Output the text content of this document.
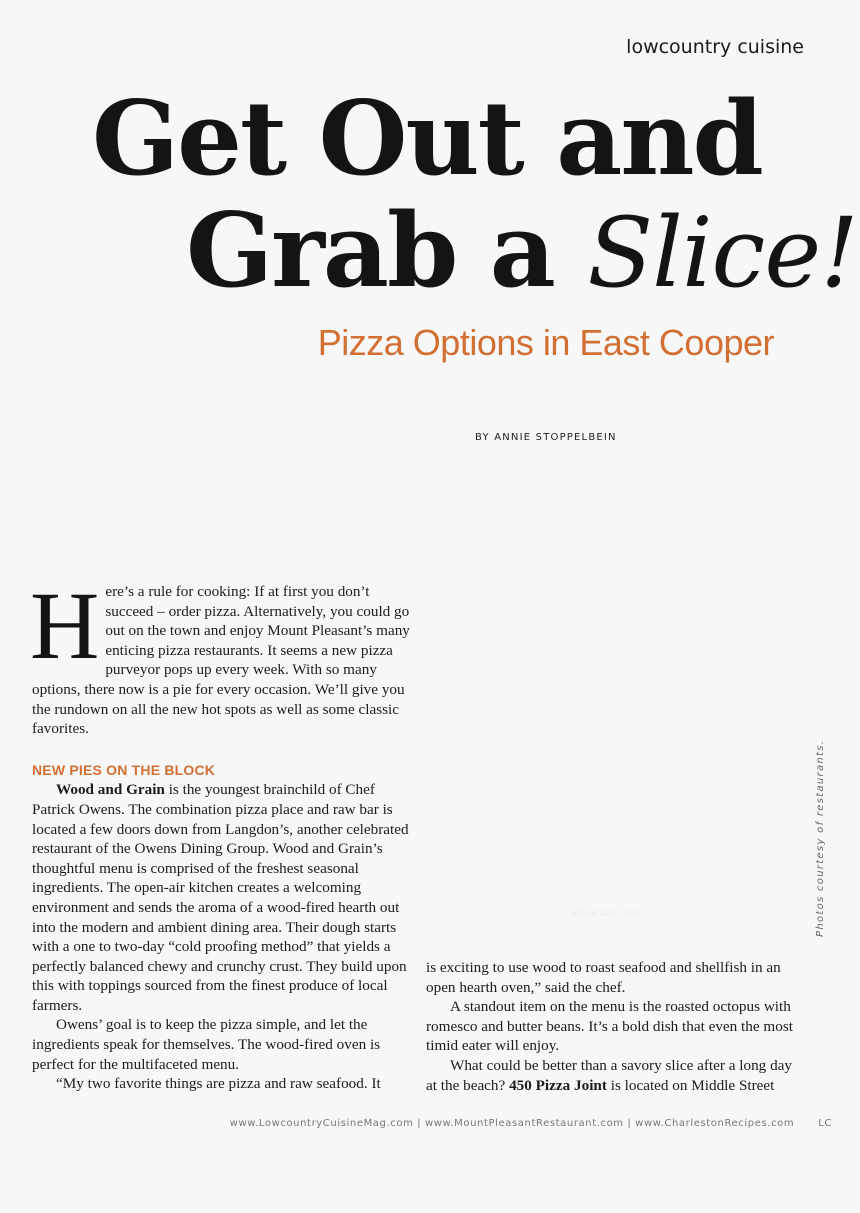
lowcountry cuisine
Get Out and
Grab a Slice!
Pizza Options in East Cooper
BY ANNIE STOPPELBEIN

Here’s a rule for cooking: If at first you don’t succeed – order pizza. Alternatively, you could go out on the town and enjoy Mount Pleasant’s many enticing pizza restaurants. It seems a new pizza purveyor pops up every week. With so many options, there now is a pie for every occasion. We’ll give you the rundown on all the new hot spots as well as some classic favorites.

NEW PIES ON THE BLOCK

Wood and Grain is the youngest brainchild of Chef Patrick Owens. The combination pizza place and raw bar is located a few doors down from Langdon’s, another celebrated restaurant of the Owens Dining Group. Wood and Grain’s thoughtful menu is comprised of the freshest seasonal ingredients. The open-air kitchen creates a welcoming environment and sends the aroma of a wood-fired hearth out into the modern and ambient dining area. Their dough starts with a one to two-day “cold proofing method” that yields a perfectly balanced chewy and crunchy crust. They build upon this with toppings sourced from the finest produce of local farmers.

Owens’ goal is to keep the pizza simple, and let the ingredients speak for themselves. The wood-fired oven is perfect for the multifaceted menu.

“My two favorite things are pizza and raw seafood. It

is exciting to use wood to roast seafood and shellfish in an open hearth oven,” said the chef.

A standout item on the menu is the roasted octopus with romesco and butter beans. It’s a bold dish that even the most timid eater will enjoy.

What could be better than a savory slice after a long day at the beach? 450 Pizza Joint is located on Middle Street

Wood and Grain	Photos courtesy of restaurants.
www.LowcountryCuisineMag.com | www.MountPleasantRestaurant.com | www.CharlestonRecipes.com LC
